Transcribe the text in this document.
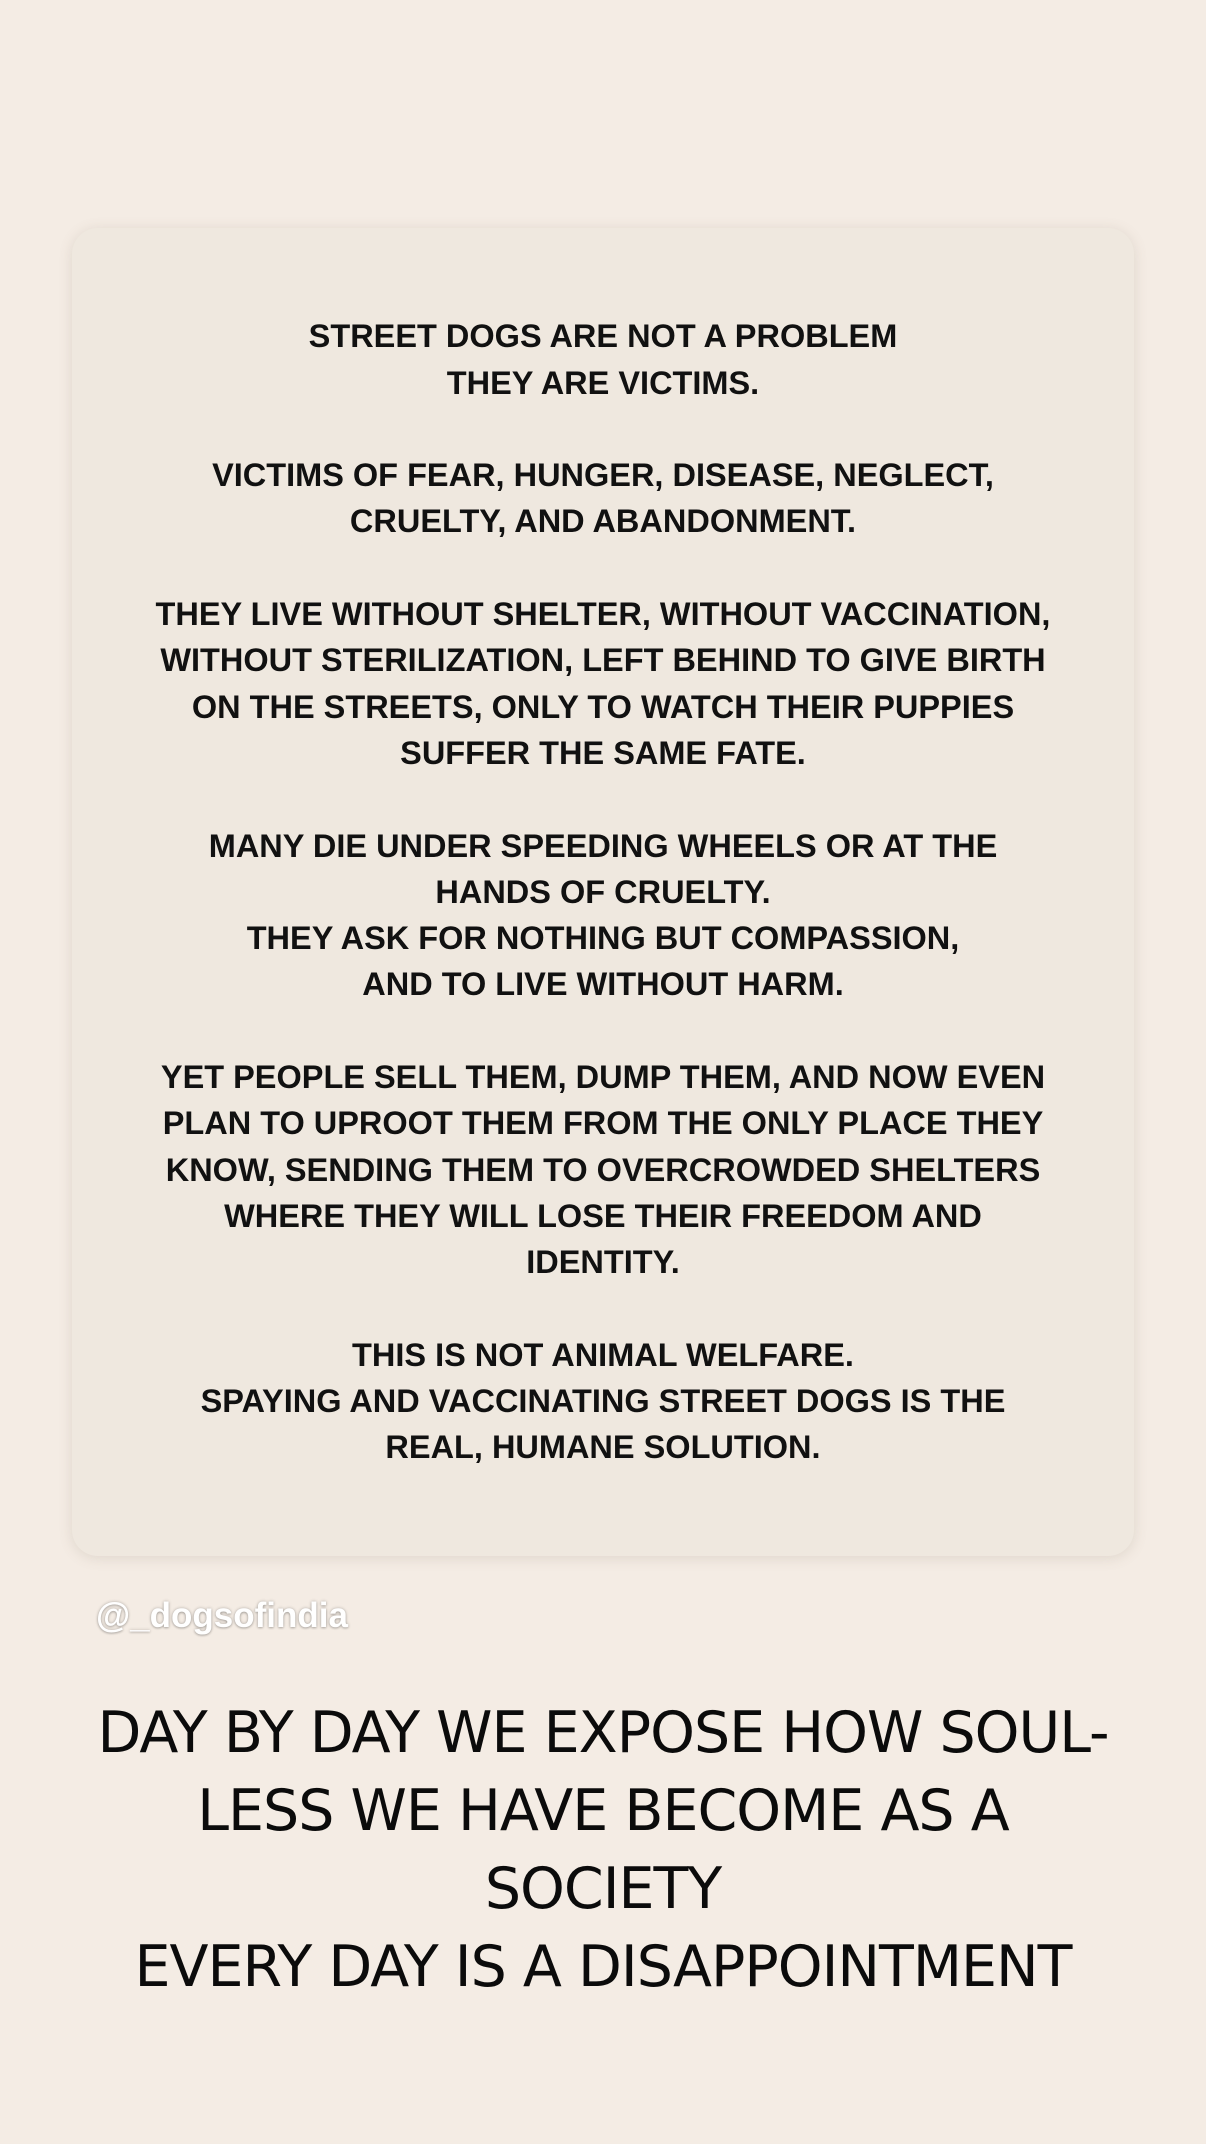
STREET DOGS ARE NOT A PROBLEM
THEY ARE VICTIMS.

VICTIMS OF FEAR, HUNGER, DISEASE, NEGLECT,
CRUELTY, AND ABANDONMENT.

THEY LIVE WITHOUT SHELTER, WITHOUT VACCINATION,
WITHOUT STERILIZATION, LEFT BEHIND TO GIVE BIRTH
ON THE STREETS, ONLY TO WATCH THEIR PUPPIES
SUFFER THE SAME FATE.

MANY DIE UNDER SPEEDING WHEELS OR AT THE
HANDS OF CRUELTY.
THEY ASK FOR NOTHING BUT COMPASSION,
AND TO LIVE WITHOUT HARM.

YET PEOPLE SELL THEM, DUMP THEM, AND NOW EVEN
PLAN TO UPROOT THEM FROM THE ONLY PLACE THEY
KNOW, SENDING THEM TO OVERCROWDED SHELTERS
WHERE THEY WILL LOSE THEIR FREEDOM AND
IDENTITY.

THIS IS NOT ANIMAL WELFARE.
SPAYING AND VACCINATING STREET DOGS IS THE
REAL, HUMANE SOLUTION.

@_dogsofindia
DAY BY DAY WE EXPOSE HOW SOUL-
LESS WE HAVE BECOME AS A
SOCIETY
EVERY DAY IS A DISAPPOINTMENT
